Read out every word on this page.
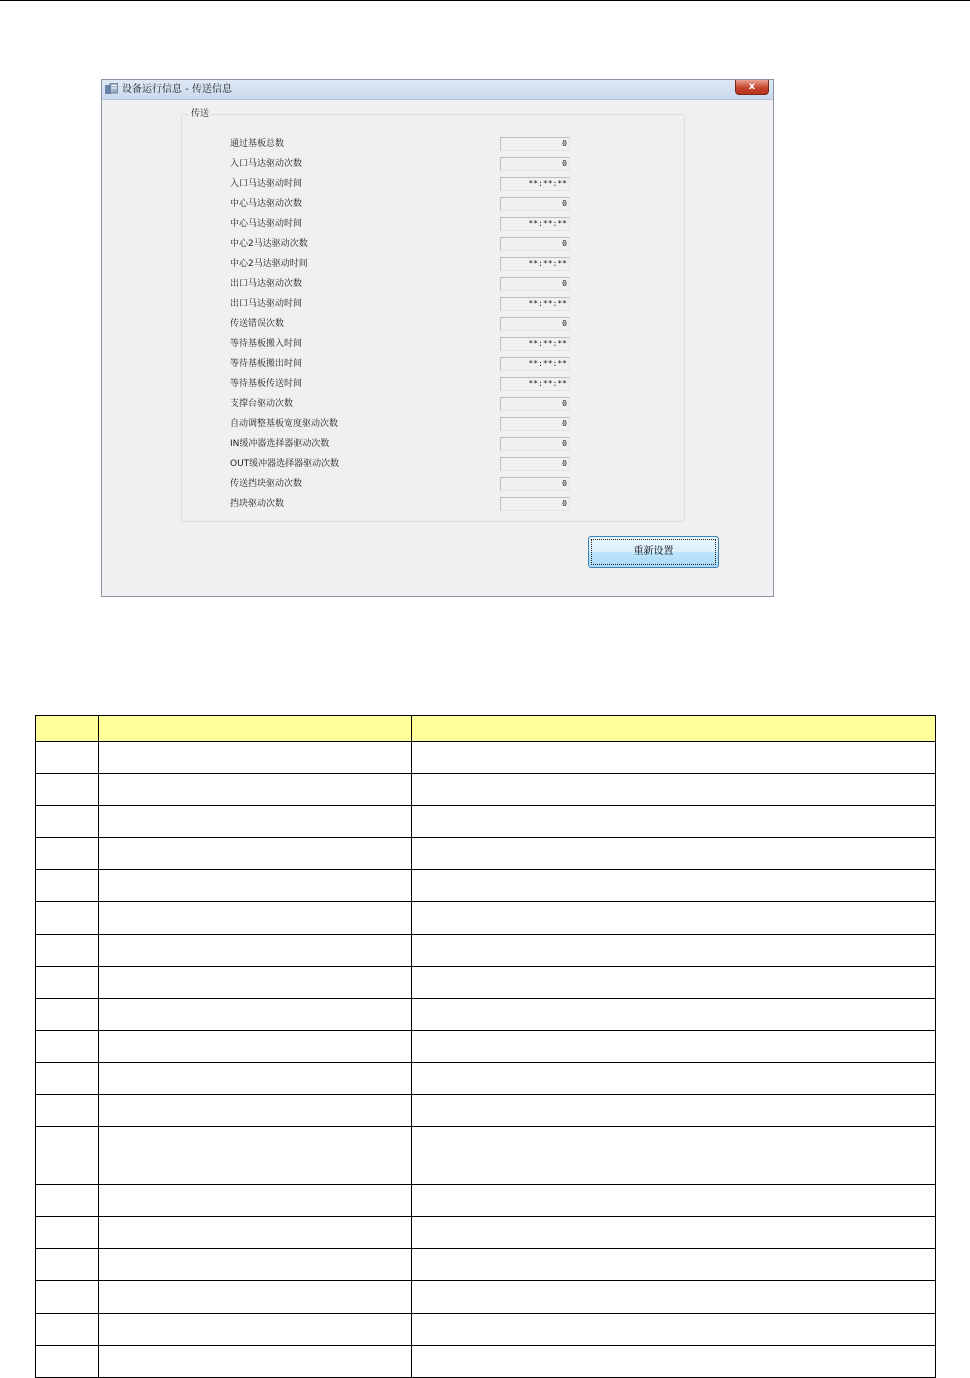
设备运行信息 - 传送信息	x
传送
通过基板总数	0
入口马达驱动次数	0
入口马达驱动时间	**:**:**
中心马达驱动次数	0
中心马达驱动时间	**:**:**
中心2马达驱动次数	0
中心2马达驱动时间	**:**:**
出口马达驱动次数	0
出口马达驱动时间	**:**:**
传送错误次数	0
等待基板搬入时间	**:**:**
等待基板搬出时间	**:**:**
等待基板传送时间	**:**:**
支撑台驱动次数	0
自动调整基板宽度驱动次数	0
IN缓冲器选择器驱动次数	0
OUT缓冲器选择器驱动次数	0
传送挡块驱动次数	0
挡块驱动次数	0
重新设置
